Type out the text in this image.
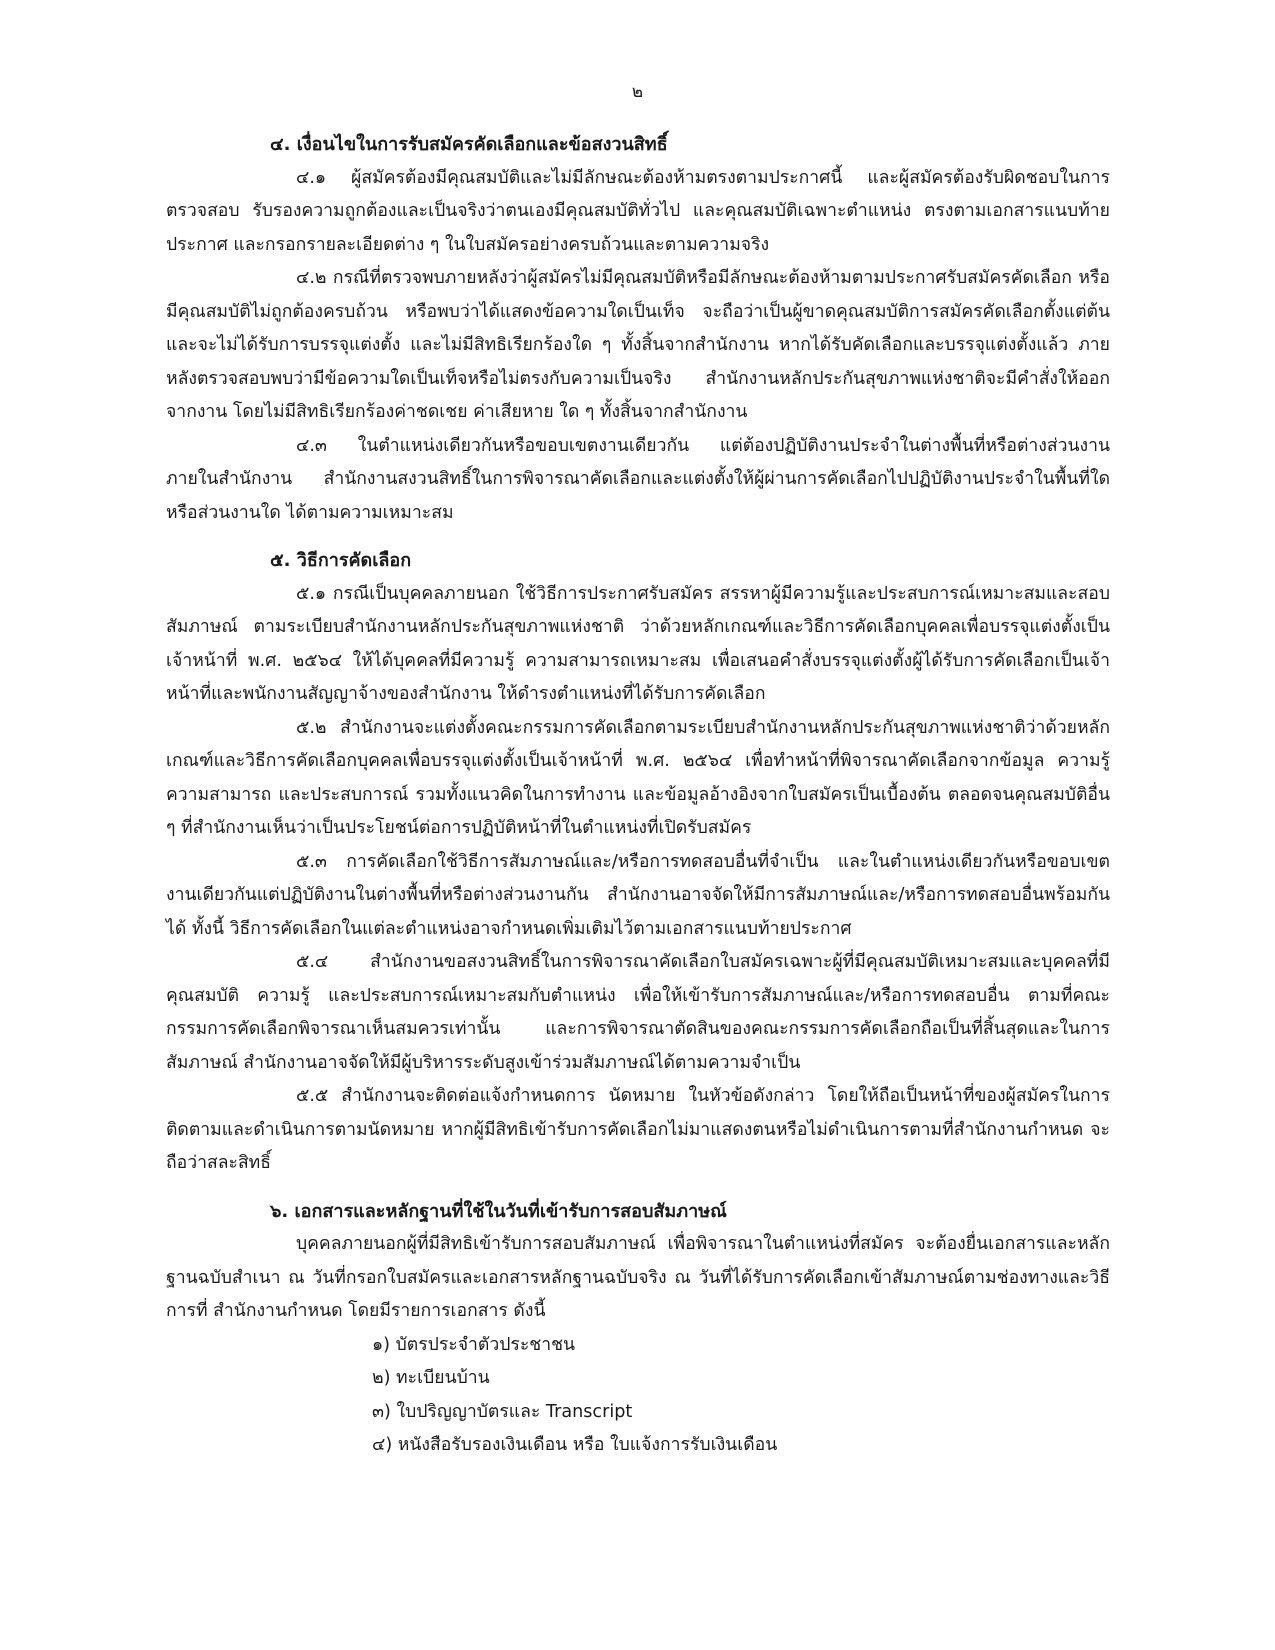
๒
๔. เงื่อนไขในการรับสมัครคัดเลือกและข้อสงวนสิทธิ์

๔.๑ ผู้สมัครต้องมีคุณสมบัติและไม่มีลักษณะต้องห้ามตรงตามประกาศนี้ และผู้สมัครต้องรับผิดชอบในการตรวจสอบ รับรองความถูกต้องและเป็นจริงว่าตนเองมีคุณสมบัติทั่วไป และคุณสมบัติเฉพาะตำแหน่ง ตรงตามเอกสารแนบท้ายประกาศ และกรอกรายละเอียดต่าง ๆ ในใบสมัครอย่างครบถ้วนและตามความจริง

๔.๒ กรณีที่ตรวจพบภายหลังว่าผู้สมัครไม่มีคุณสมบัติหรือมีลักษณะต้องห้ามตามประกาศรับสมัครคัดเลือก หรือมีคุณสมบัติไม่ถูกต้องครบถ้วน หรือพบว่าได้แสดงข้อความใดเป็นเท็จ จะถือว่าเป็นผู้ขาดคุณสมบัติการสมัครคัดเลือกตั้งแต่ต้นและจะไม่ได้รับการบรรจุแต่งตั้ง และไม่มีสิทธิเรียกร้องใด ๆ ทั้งสิ้นจากสำนักงาน หากได้รับคัดเลือกและบรรจุแต่งตั้งแล้ว ภายหลังตรวจสอบพบว่ามีข้อความใดเป็นเท็จหรือไม่ตรงกับความเป็นจริง สำนักงานหลักประกันสุขภาพแห่งชาติจะมีคำสั่งให้ออกจากงาน โดยไม่มีสิทธิเรียกร้องค่าชดเชย ค่าเสียหาย ใด ๆ ทั้งสิ้นจากสำนักงาน

๔.๓ ในตำแหน่งเดียวกันหรือขอบเขตงานเดียวกัน แต่ต้องปฏิบัติงานประจำในต่างพื้นที่หรือต่างส่วนงานภายในสำนักงาน สำนักงานสงวนสิทธิ์ในการพิจารณาคัดเลือกและแต่งตั้งให้ผู้ผ่านการคัดเลือกไปปฏิบัติงานประจำในพื้นที่ใด หรือส่วนงานใด ได้ตามความเหมาะสม

๕. วิธีการคัดเลือก

๕.๑ กรณีเป็นบุคคลภายนอก ใช้วิธีการประกาศรับสมัคร สรรหาผู้มีความรู้และประสบการณ์เหมาะสมและสอบสัมภาษณ์ ตามระเบียบสำนักงานหลักประกันสุขภาพแห่งชาติ ว่าด้วยหลักเกณฑ์และวิธีการคัดเลือกบุคคลเพื่อบรรจุแต่งตั้งเป็นเจ้าหน้าที่ พ.ศ. ๒๕๖๔ ให้ได้บุคคลที่มีความรู้ ความสามารถเหมาะสม เพื่อเสนอคำสั่งบรรจุแต่งตั้งผู้ได้รับการคัดเลือกเป็นเจ้าหน้าที่และพนักงานสัญญาจ้างของสำนักงาน ให้ดำรงตำแหน่งที่ได้รับการคัดเลือก

๕.๒ สำนักงานจะแต่งตั้งคณะกรรมการคัดเลือกตามระเบียบสำนักงานหลักประกันสุขภาพแห่งชาติว่าด้วยหลักเกณฑ์และวิธีการคัดเลือกบุคคลเพื่อบรรจุแต่งตั้งเป็นเจ้าหน้าที่ พ.ศ. ๒๕๖๔ เพื่อทำหน้าที่พิจารณาคัดเลือกจากข้อมูล ความรู้ ความสามารถ และประสบการณ์ รวมทั้งแนวคิดในการทำงาน และข้อมูลอ้างอิงจากใบสมัครเป็นเบื้องต้น ตลอดจนคุณสมบัติอื่น ๆ ที่สำนักงานเห็นว่าเป็นประโยชน์ต่อการปฏิบัติหน้าที่ในตำแหน่งที่เปิดรับสมัคร

๕.๓ การคัดเลือกใช้วิธีการสัมภาษณ์และ/หรือการทดสอบอื่นที่จำเป็น และในตำแหน่งเดียวกันหรือขอบเขตงานเดียวกันแต่ปฏิบัติงานในต่างพื้นที่หรือต่างส่วนงานกัน สำนักงานอาจจัดให้มีการสัมภาษณ์และ/หรือการทดสอบอื่นพร้อมกันได้ ทั้งนี้ วิธีการคัดเลือกในแต่ละตำแหน่งอาจกำหนดเพิ่มเติมไว้ตามเอกสารแนบท้ายประกาศ

๕.๔ สำนักงานขอสงวนสิทธิ์ในการพิจารณาคัดเลือกใบสมัครเฉพาะผู้ที่มีคุณสมบัติเหมาะสมและบุคคลที่มีคุณสมบัติ ความรู้ และประสบการณ์เหมาะสมกับตำแหน่ง เพื่อให้เข้ารับการสัมภาษณ์และ/หรือการทดสอบอื่น ตามที่คณะกรรมการคัดเลือกพิจารณาเห็นสมควรเท่านั้น และการพิจารณาตัดสินของคณะกรรมการคัดเลือกถือเป็นที่สิ้นสุดและในการสัมภาษณ์ สำนักงานอาจจัดให้มีผู้บริหารระดับสูงเข้าร่วมสัมภาษณ์ได้ตามความจำเป็น

๕.๕ สำนักงานจะติดต่อแจ้งกำหนดการ นัดหมาย ในหัวข้อดังกล่าว โดยให้ถือเป็นหน้าที่ของผู้สมัครในการติดตามและดำเนินการตามนัดหมาย หากผู้มีสิทธิเข้ารับการคัดเลือกไม่มาแสดงตนหรือไม่ดำเนินการตามที่สำนักงานกำหนด จะถือว่าสละสิทธิ์

๖. เอกสารและหลักฐานที่ใช้ในวันที่เข้ารับการสอบสัมภาษณ์

บุคคลภายนอกผู้ที่มีสิทธิเข้ารับการสอบสัมภาษณ์ เพื่อพิจารณาในตำแหน่งที่สมัคร จะต้องยื่นเอกสารและหลักฐานฉบับสำเนา ณ วันที่กรอกใบสมัครและเอกสารหลักฐานฉบับจริง ณ วันที่ได้รับการคัดเลือกเข้าสัมภาษณ์ตามช่องทางและวิธีการที่ สำนักงานกำหนด โดยมีรายการเอกสาร ดังนี้

๑) บัตรประจำตัวประชาชน
๒) ทะเบียนบ้าน
๓) ใบปริญญาบัตรและ Transcript
๔) หนังสือรับรองเงินเดือน หรือ ใบแจ้งการรับเงินเดือน
